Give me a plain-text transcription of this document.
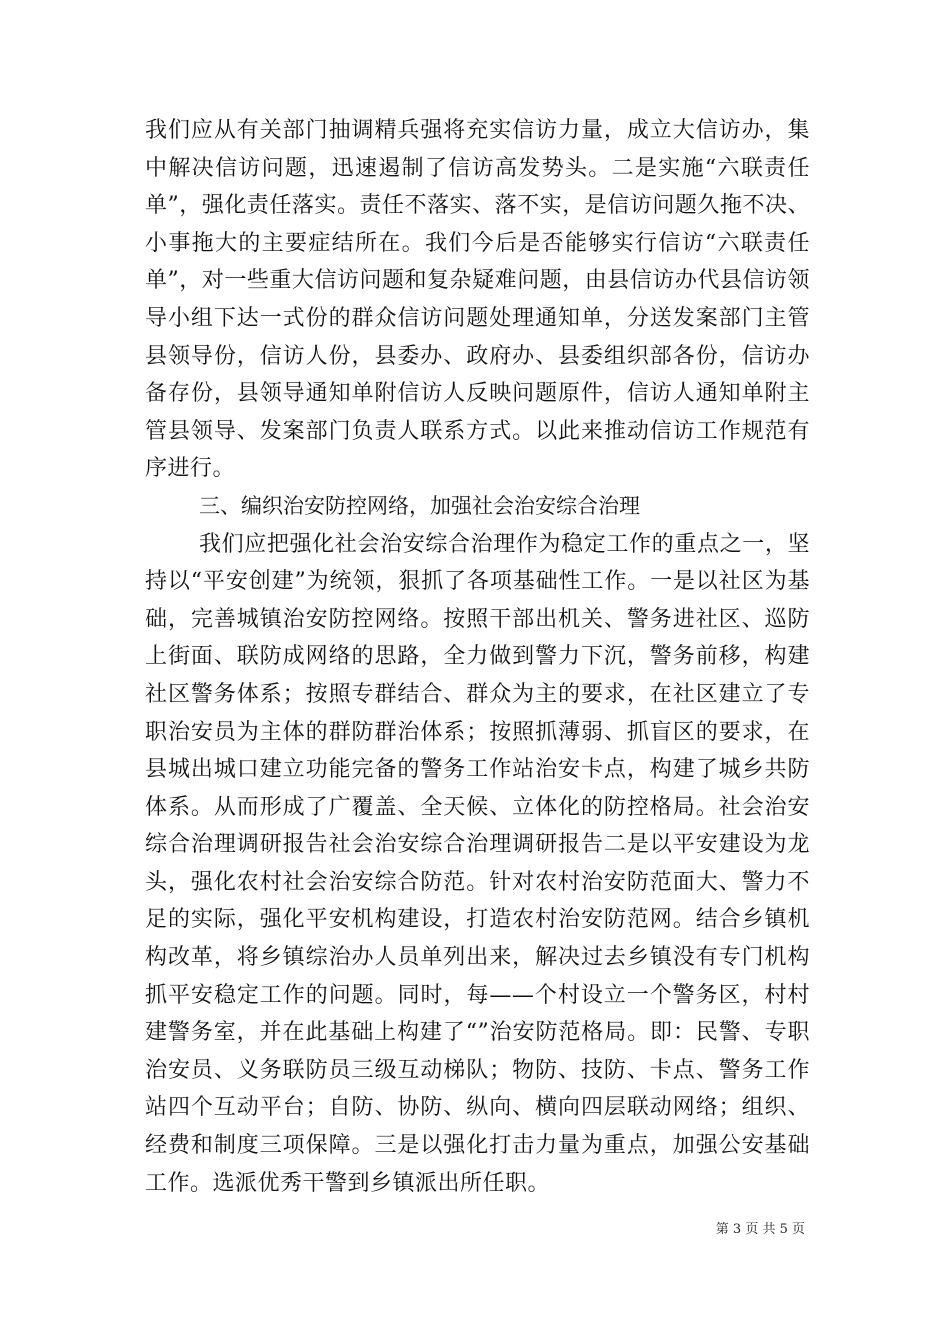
我们应从有关部门抽调精兵强将充实信访力量，成立大信访办，集中解决信访问题，迅速遏制了信访高发势头。二是实施“六联责任单”，强化责任落实。责任不落实、落不实，是信访问题久拖不决、小事拖大的主要症结所在。我们今后是否能够实行信访“六联责任单”，对一些重大信访问题和复杂疑难问题，由县信访办代县信访领导小组下达一式份的群众信访问题处理通知单，分送发案部门主管县领导份，信访人份，县委办、政府办、县委组织部各份，信访办备存份，县领导通知单附信访人反映问题原件，信访人通知单附主管县领导、发案部门负责人联系方式。以此来推动信访工作规范有序进行。

三、编织治安防控网络，加强社会治安综合治理

我们应把强化社会治安综合治理作为稳定工作的重点之一，坚持以“平安创建”为统领，狠抓了各项基础性工作。一是以社区为基础，完善城镇治安防控网络。按照干部出机关、警务进社区、巡防上街面、联防成网络的思路，全力做到警力下沉，警务前移，构建社区警务体系；按照专群结合、群众为主的要求，在社区建立了专职治安员为主体的群防群治体系；按照抓薄弱、抓盲区的要求，在县城出城口建立功能完备的警务工作站治安卡点，构建了城乡共防体系。从而形成了广覆盖、全天候、立体化的防控格局。社会治安综合治理调研报告社会治安综合治理调研报告二是以平安建设为龙头，强化农村社会治安综合防范。针对农村治安防范面大、警力不足的实际，强化平安机构建设，打造农村治安防范网。结合乡镇机构改革，将乡镇综治办人员单列出来，解决过去乡镇没有专门机构抓平安稳定工作的问题。同时，每——个村设立一个警务区，村村建警务室，并在此基础上构建了“”治安防范格局。即：民警、专职治安员、义务联防员三级互动梯队；物防、技防、卡点、警务工作站四个互动平台；自防、协防、纵向、横向四层联动网络；组织、经费和制度三项保障。三是以强化打击力量为重点，加强公安基础工作。选派优秀干警到乡镇派出所任职。

第 3 页 共 5 页
